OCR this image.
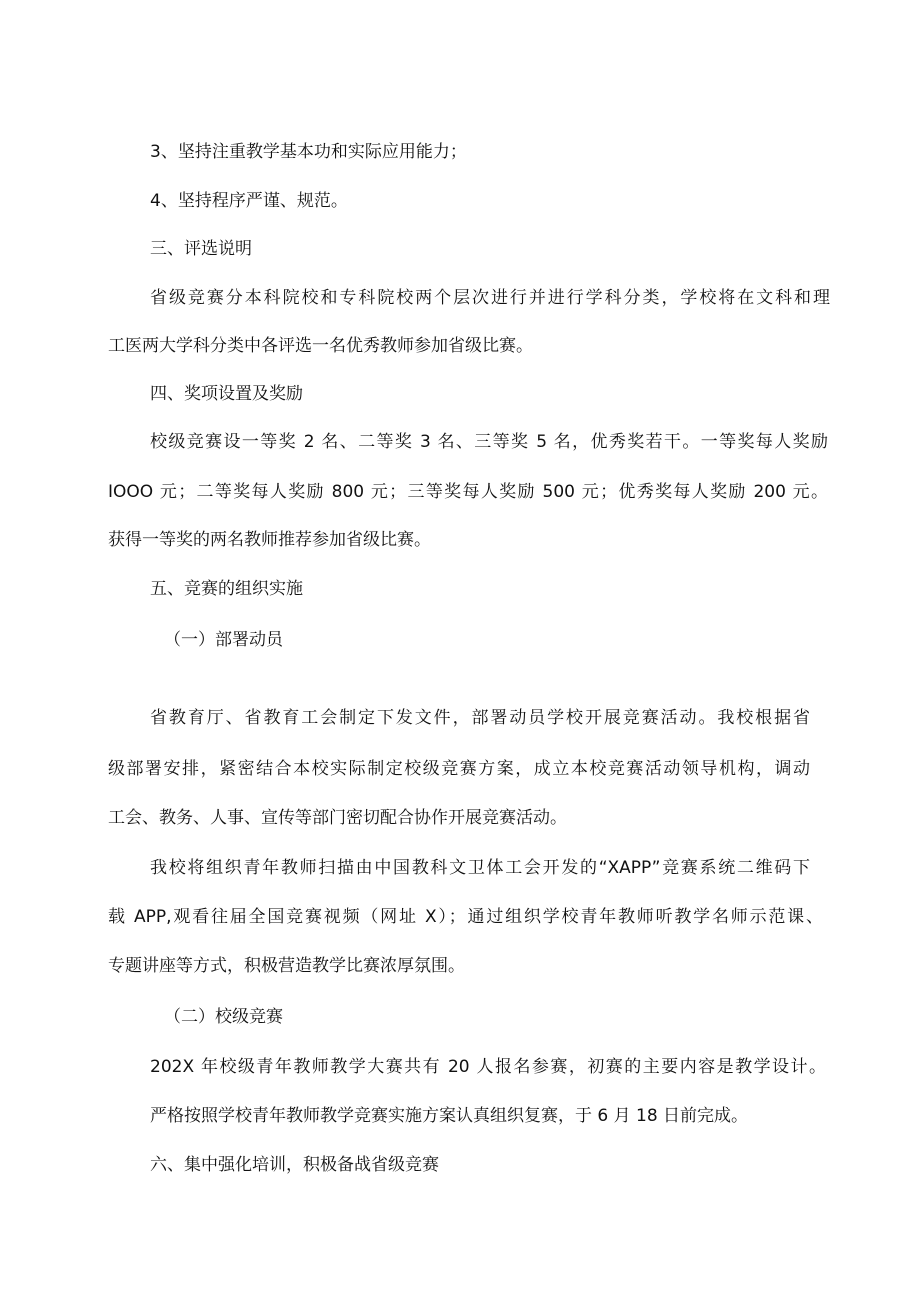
3、坚持注重教学基本功和实际应用能力；

4、坚持程序严谨、规范。

三、评选说明

省级竞赛分本科院校和专科院校两个层次进行并进行学科分类，学校将在文科和理

工医两大学科分类中各评选一名优秀教师参加省级比赛。

四、奖项设置及奖励

校级竞赛设一等奖 2 名、二等奖 3 名、三等奖 5 名，优秀奖若干。一等奖每人奖励

IOOO 元；二等奖每人奖励 800 元；三等奖每人奖励 500 元；优秀奖每人奖励 200 元。

获得一等奖的两名教师推荐参加省级比赛。

五、竞赛的组织实施

（一）部署动员

省教育厅、省教育工会制定下发文件，部署动员学校开展竞赛活动。我校根据省

级部署安排，紧密结合本校实际制定校级竞赛方案，成立本校竞赛活动领导机构，调动

工会、教务、人事、宣传等部门密切配合协作开展竞赛活动。

我校将组织青年教师扫描由中国教科文卫体工会开发的“XAPP”竞赛系统二维码下

载 APP,观看往届全国竞赛视频（网址 X）；通过组织学校青年教师听教学名师示范课、

专题讲座等方式，积极营造教学比赛浓厚氛围。

（二）校级竞赛

202X 年校级青年教师教学大赛共有 20 人报名参赛，初赛的主要内容是教学设计。

严格按照学校青年教师教学竞赛实施方案认真组织复赛，于 6 月 18 日前完成。

六、集中强化培训，积极备战省级竞赛
